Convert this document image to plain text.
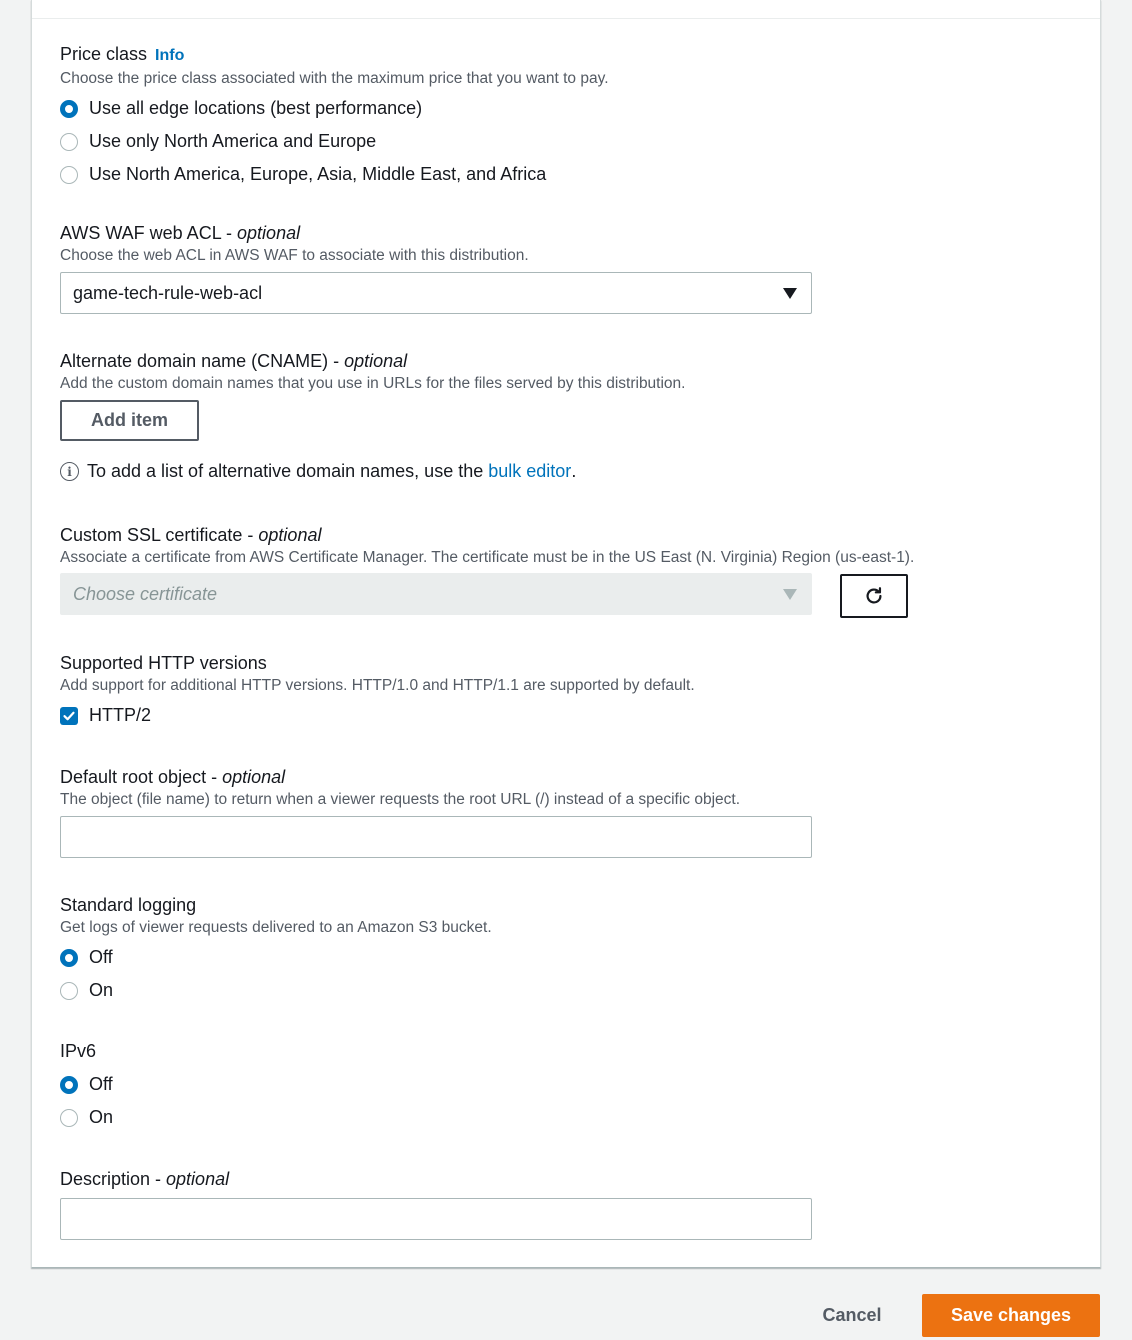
Price class Info
Choose the price class associated with the maximum price that you want to pay.
Use all edge locations (best performance)
Use only North America and Europe
Use North America, Europe, Asia, Middle East, and Africa
AWS WAF web ACL - optional
Choose the web ACL in AWS WAF to associate with this distribution.
game-tech-rule-web-acl
Alternate domain name (CNAME) - optional
Add the custom domain names that you use in URLs for the files served by this distribution.
Add item
i To add a list of alternative domain names, use the
bulk editor .
Custom SSL certificate - optional
Associate a certificate from AWS Certificate Manager. The certificate must be in the US East (N. Virginia) Region (us-east-1).
Choose certificate
Supported HTTP versions
Add support for additional HTTP versions. HTTP/1.0 and HTTP/1.1 are supported by default.
HTTP/2
Default root object - optional
The object (file name) to return when a viewer requests the root URL (/) instead of a specific object.
Standard logging
Get logs of viewer requests delivered to an Amazon S3 bucket.
Off
On
IPv6
Off
On
Description - optional
Cancel	Save changes
